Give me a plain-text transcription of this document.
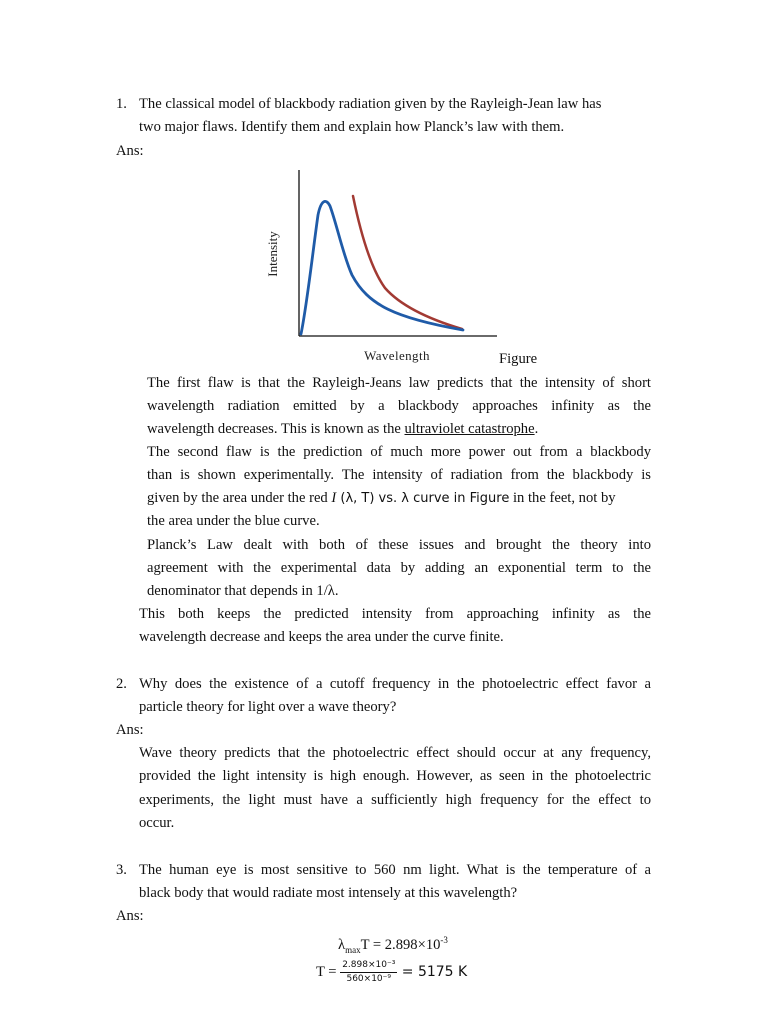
1. The classical model of blackbody radiation given by the Rayleigh-Jean law has
two major flaws. Identify them and explain how Planck’s law with them.
Ans:
Intensity
Wavelength	Figure
The first flaw is that the Rayleigh-Jeans law predicts that the intensity of short
wavelength radiation emitted by a blackbody approaches infinity as the
wavelength decreases. This is known as the ultraviolet catastrophe.
The second flaw is the prediction of much more power out from a blackbody
than is shown experimentally. The intensity of radiation from the blackbody is
given by the area under the red I (λ, T) vs. λ curve in Figure in the feet, not by
the area under the blue curve.
Planck’s Law dealt with both of these issues and brought the theory into
agreement with the experimental data by adding an exponential term to the
denominator that depends in 1/λ.
This both keeps the predicted intensity from approaching infinity as the
wavelength decrease and keeps the area under the curve finite.
2. Why does the existence of a cutoff frequency in the photoelectric effect favor a
particle theory for light over a wave theory?
Ans:
Wave theory predicts that the photoelectric effect should occur at any frequency,
provided the light intensity is high enough. However, as seen in the photoelectric
experiments, the light must have a sufficiently high frequency for the effect to
occur.
3. The human eye is most sensitive to 560 nm light. What is the temperature of a
black body that would radiate most intensely at this wavelength?
Ans:
$\lambda_{max}T = 2.898\times 10^{-3}$
$T = \frac{\text{2.898×10⁻³}}{\text{560×10⁻⁹}} = 5175$ K
